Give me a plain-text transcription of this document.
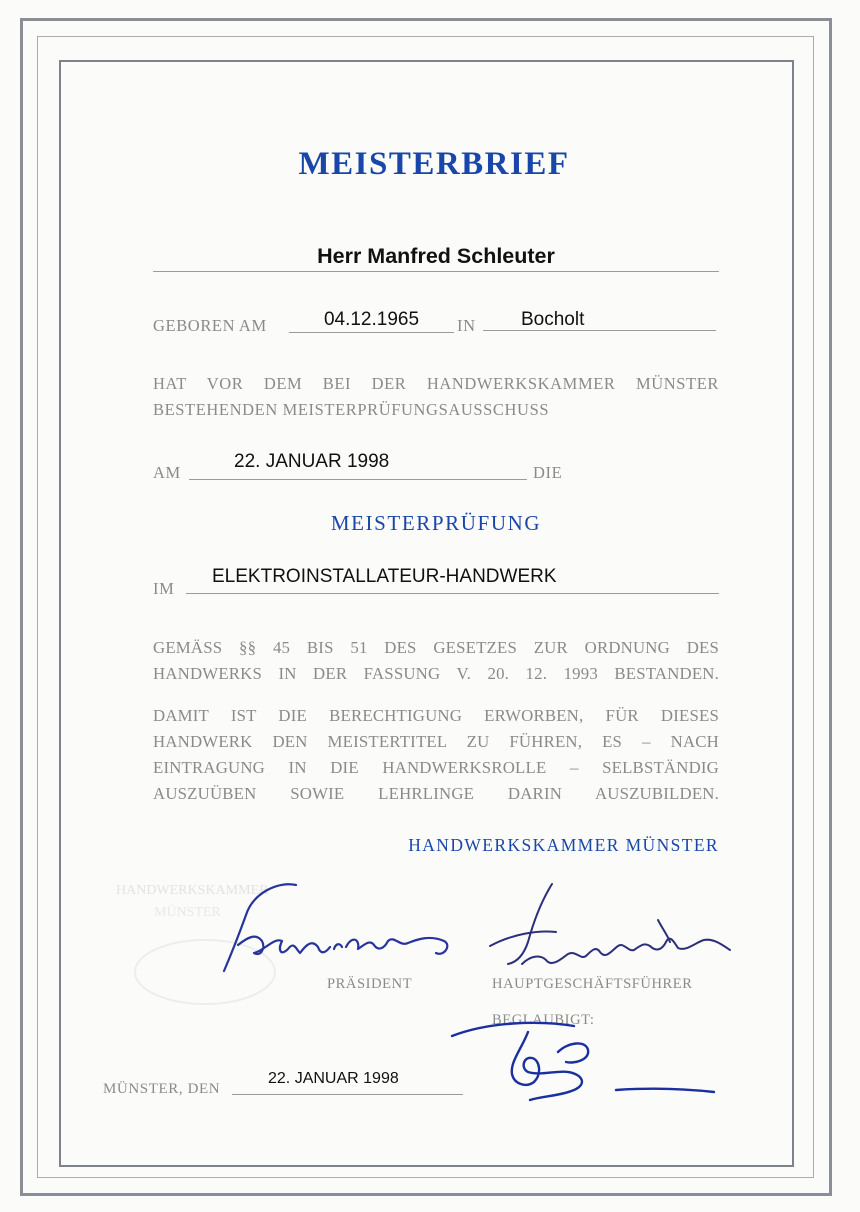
MEISTERBRIEF
Herr Manfred Schleuter
GEBOREN AM	04.12.1965	IN Bocholt
HAT VOR DEM BEI DER HANDWERKSKAMMER MÜNSTER
BESTEHENDEN MEISTERPRÜFUNGSAUSSCHUSS
AM
22. JANUAR 1998
DIE
MEISTERPRÜFUNG
IM
ELEKTROINSTALLATEUR-HANDWERK
GEMÄSS §§ 45 BIS 51 DES GESETZES ZUR ORDNUNG DES
HANDWERKS IN DER FASSUNG V. 20. 12. 1993 BESTANDEN.
DAMIT IST DIE BERECHTIGUNG ERWORBEN, FÜR DIESES
HANDWERK DEN MEISTERTITEL ZU FÜHREN, ES – NACH
EINTRAGUNG IN DIE HANDWERKSROLLE – SELBSTÄNDIG
AUSZUÜBEN SOWIE LEHRLINGE DARIN AUSZUBILDEN.
HANDWERKSKAMMER MÜNSTER
HANDWERKSKAMMER
MÜNSTER
PRÄSIDENT	HAUPTGESCHÄFTSFÜHRER
BEGLAUBIGT:
MÜNSTER, DEN
22. JANUAR 1998
